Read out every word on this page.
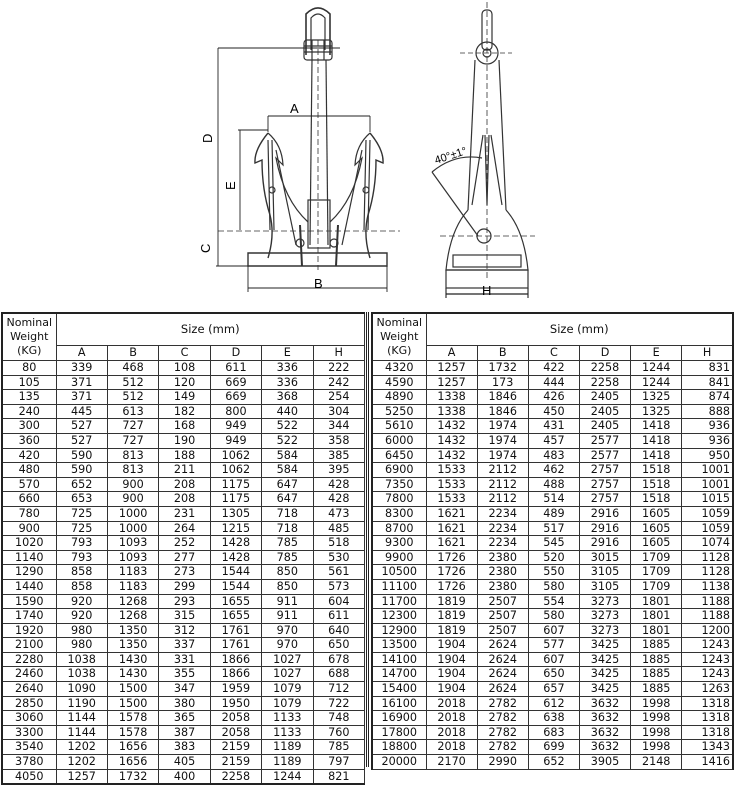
A
B
C
D
E
40°±1°
H
Nominal
Weight
(KG)	Size (mm)					
	A	B	C	D	E	H
80	339	468	108	611	336	222
105	371	512	120	669	336	242
135	371	512	149	669	368	254
240	445	613	182	800	440	304
300	527	727	168	949	522	344
360	527	727	190	949	522	358
420	590	813	188	1062	584	385
480	590	813	211	1062	584	395
570	652	900	208	1175	647	428
660	653	900	208	1175	647	428
780	725	1000	231	1305	718	473
900	725	1000	264	1215	718	485
1020	793	1093	252	1428	785	518
1140	793	1093	277	1428	785	530
1290	858	1183	273	1544	850	561
1440	858	1183	299	1544	850	573
1590	920	1268	293	1655	911	604
1740	920	1268	315	1655	911	611
1920	980	1350	312	1761	970	640
2100	980	1350	337	1761	970	650
2280	1038	1430	331	1866	1027	678
2460	1038	1430	355	1866	1027	688
2640	1090	1500	347	1959	1079	712
2850	1190	1500	380	1950	1079	722
3060	1144	1578	365	2058	1133	748
3300	1144	1578	387	2058	1133	760
3540	1202	1656	383	2159	1189	785
3780	1202	1656	405	2159	1189	797
4050	1257	1732	400	2258	1244	821
Nominal
Weight
(KG)	Size (mm)					
	A	B	C	D	E	H
4320	1257	1732	422	2258	1244	831
4590	1257	173	444	2258	1244	841
4890	1338	1846	426	2405	1325	874
5250	1338	1846	450	2405	1325	888
5610	1432	1974	431	2405	1418	936
6000	1432	1974	457	2577	1418	936
6450	1432	1974	483	2577	1418	950
6900	1533	2112	462	2757	1518	1001
7350	1533	2112	488	2757	1518	1001
7800	1533	2112	514	2757	1518	1015
8300	1621	2234	489	2916	1605	1059
8700	1621	2234	517	2916	1605	1059
9300	1621	2234	545	2916	1605	1074
9900	1726	2380	520	3015	1709	1128
10500	1726	2380	550	3105	1709	1128
11100	1726	2380	580	3105	1709	1138
11700	1819	2507	554	3273	1801	1188
12300	1819	2507	580	3273	1801	1188
12900	1819	2507	607	3273	1801	1200
13500	1904	2624	577	3425	1885	1243
14100	1904	2624	607	3425	1885	1243
14700	1904	2624	650	3425	1885	1243
15400	1904	2624	657	3425	1885	1263
16100	2018	2782	612	3632	1998	1318
16900	2018	2782	638	3632	1998	1318
17800	2018	2782	683	3632	1998	1318
18800	2018	2782	699	3632	1998	1343
20000	2170	2990	652	3905	2148	1416
